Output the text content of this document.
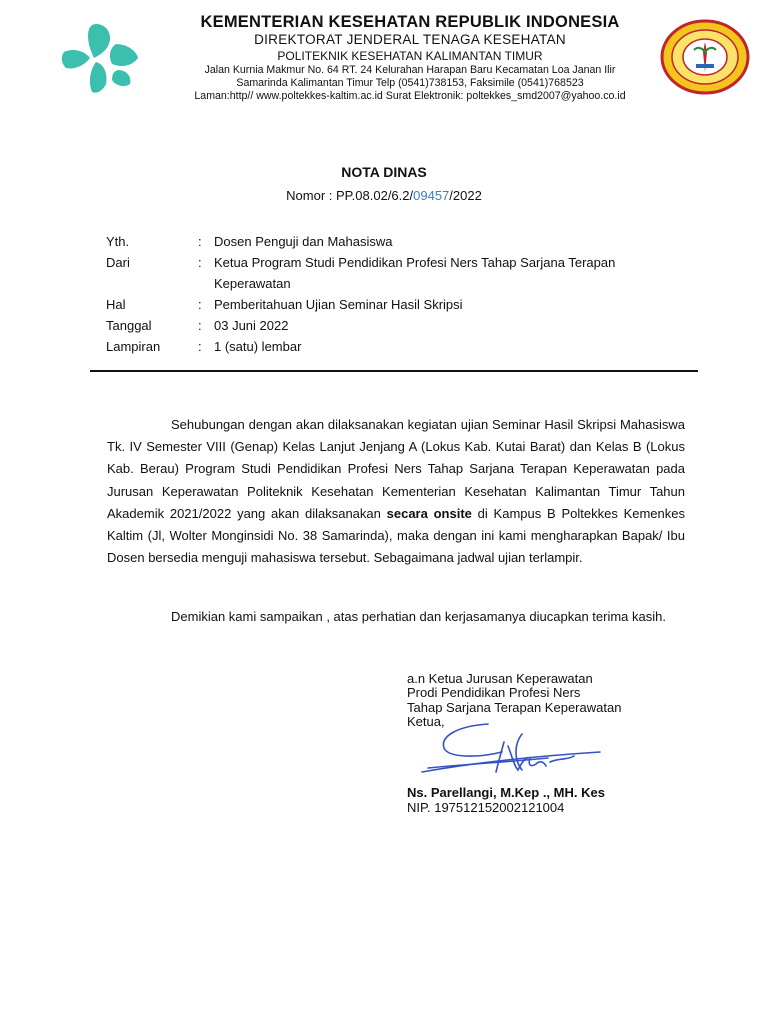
KEMENTERIAN KESEHATAN REPUBLIK INDONESIA
DIREKTORAT JENDERAL TENAGA KESEHATAN
POLITEKNIK KESEHATAN KALIMANTAN TIMUR
Jalan Kurnia Makmur No. 64 RT. 24 Kelurahan Harapan Baru Kecamatan Loa Janan Ilir
Samarinda Kalimantan Timur Telp (0541)738153, Faksimile (0541)768523
Laman:http// www.poltekkes-kaltim.ac.id Surat Elektronik: poltekkes_smd2007@yahoo.co.id
NOTA DINAS
Nomor : PP.08.02/6.2/09457/2022
Yth.	: Dosen Penguji dan Mahasiswa
Dari	: Ketua Program Studi Pendidikan Profesi Ners Tahap Sarjana Terapan
Keperawatan
Hal	: Pemberitahuan Ujian Seminar Hasil Skripsi
Tanggal	: 03 Juni 2022
Lampiran	: 1 (satu) lembar
Sehubungan dengan akan dilaksanakan kegiatan ujian Seminar Hasil Skripsi Mahasiswa Tk. IV Semester VIII (Genap) Kelas Lanjut Jenjang A (Lokus Kab. Kutai Barat) dan Kelas B (Lokus Kab. Berau) Program Studi Pendidikan Profesi Ners Tahap Sarjana Terapan Keperawatan pada Jurusan Keperawatan Politeknik Kesehatan Kementerian Kesehatan Kalimantan Timur Tahun Akademik 2021/2022 yang akan dilaksanakan secara onsite di Kampus B Poltekkes Kemenkes Kaltim (Jl, Wolter Monginsidi No. 38 Samarinda), maka dengan ini kami mengharapkan Bapak/ Ibu Dosen bersedia menguji mahasiswa tersebut. Sebagaimana jadwal ujian terlampir.
Demikian kami sampaikan , atas perhatian dan kerjasamanya diucapkan terima kasih.
a.n Ketua Jurusan Keperawatan
Prodi Pendidikan Profesi Ners
Tahap Sarjana Terapan Keperawatan
Ketua,
Ns. Parellangi, M.Kep ., MH. Kes
NIP. 197512152002121004
